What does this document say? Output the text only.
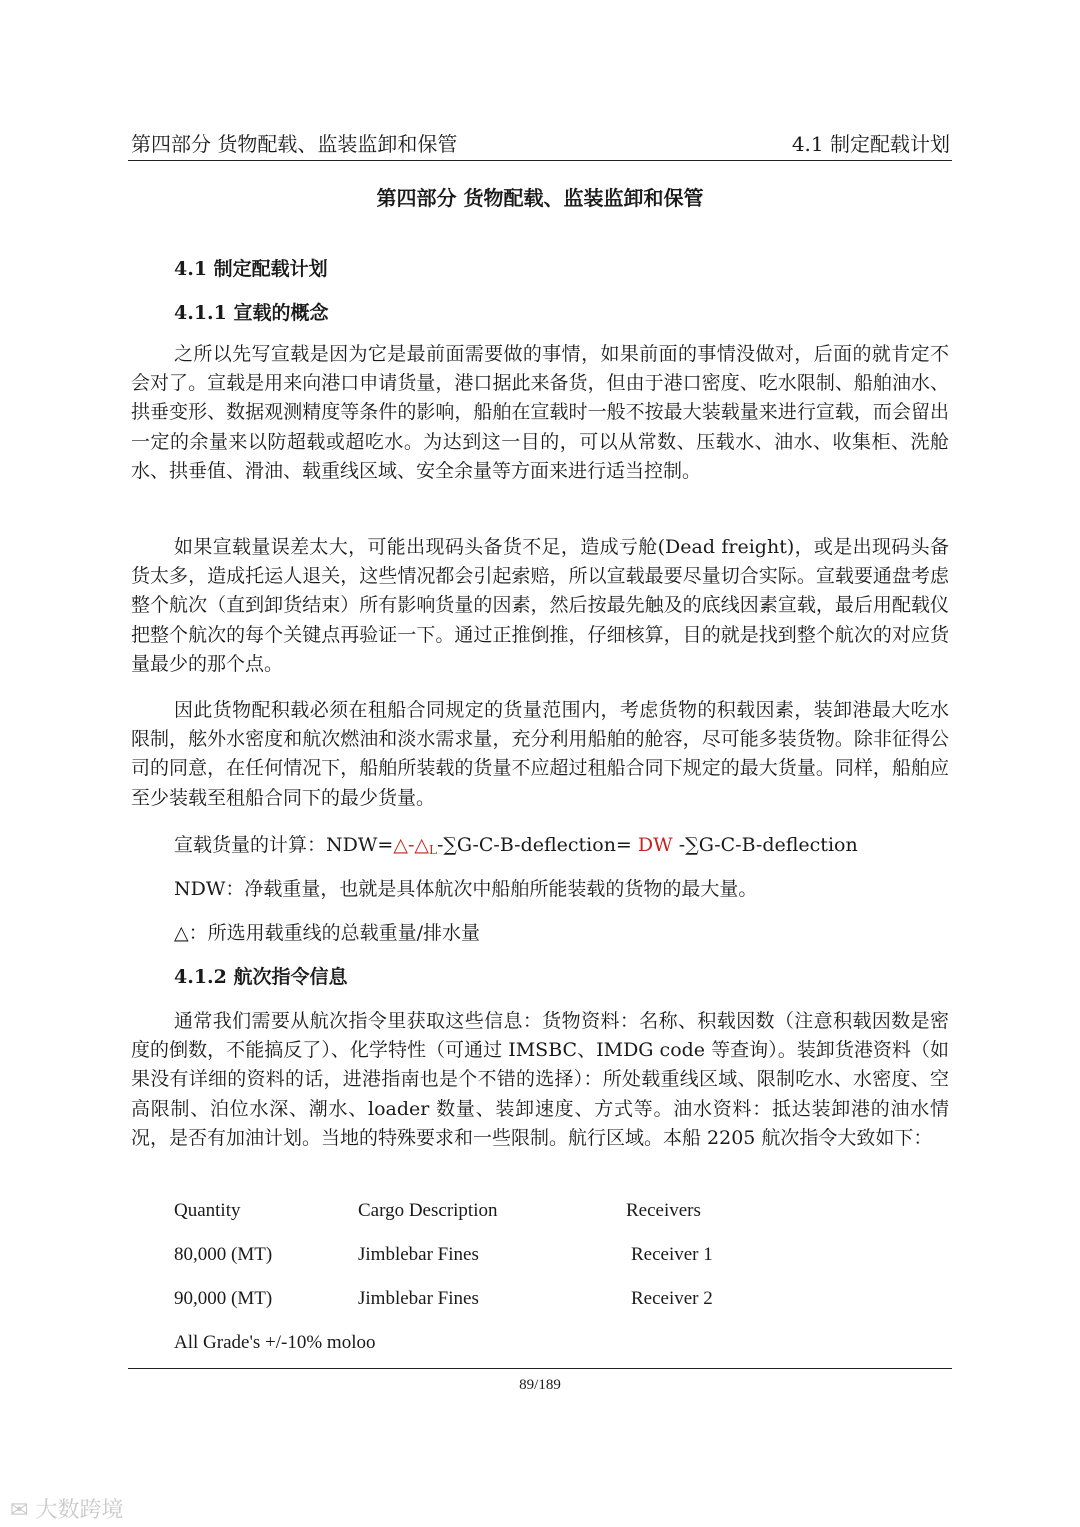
第四部分 货物配载、监装监卸和保管	4.1 制定配载计划
第四部分 货物配载、监装监卸和保管
4.1 制定配载计划
4.1.1 宣载的概念
之所以先写宣载是因为它是最前面需要做的事情，如果前面的事情没做对，后面的就肯定不会对了。宣载是用来向港口申请货量，港口据此来备货，但由于港口密度、吃水限制、船舶油水、拱垂变形、数据观测精度等条件的影响，船舶在宣载时一般不按最大装载量来进行宣载，而会留出一定的余量来以防超载或超吃水。为达到这一目的，可以从常数、压载水、油水、收集柜、洗舱水、拱垂值、滑油、载重线区域、安全余量等方面来进行适当控制。
如果宣载量误差太大，可能出现码头备货不足，造成亏舱(Dead freight)，或是出现码头备货太多，造成托运人退关，这些情况都会引起索赔，所以宣载最要尽量切合实际。宣载要通盘考虑整个航次（直到卸货结束）所有影响货量的因素，然后按最先触及的底线因素宣载，最后用配载仪把整个航次的每个关键点再验证一下。通过正推倒推，仔细核算，目的就是找到整个航次的对应货量最少的那个点。
因此货物配积载必须在租船合同规定的货量范围内，考虑货物的积载因素，装卸港最大吃水限制，舷外水密度和航次燃油和淡水需求量，充分利用船舶的舱容，尽可能多装货物。除非征得公司的同意，在任何情况下，船舶所装载的货量不应超过租船合同下规定的最大货量。同样，船舶应至少装载至租船合同下的最少货量。
宣载货量的计算：$NDW=\triangle-\triangle_L-\sum G-C-B-deflection=$ DW -∑G-C-B-deflection
NDW：净载重量，也就是具体航次中船舶所能装载的货物的最大量。
△：所选用载重线的总载重量/排水量
4.1.2 航次指令信息
通常我们需要从航次指令里获取这些信息：货物资料：名称、积载因数（注意积载因数是密度的倒数，不能搞反了）、化学特性（可通过 IMSBC、IMDG code 等查询）。装卸货港资料（如果没有详细的资料的话，进港指南也是个不错的选择）：所处载重线区域、限制吃水、水密度、空高限制、泊位水深、潮水、loader 数量、装卸速度、方式等。油水资料：抵达装卸港的油水情况，是否有加油计划。当地的特殊要求和一些限制。航行区域。本船 2205 航次指令大致如下：
Quantity	Cargo Description	Receivers
80,000 (MT)	Jimblebar Fines	Receiver 1
90,000 (MT)	Jimblebar Fines	Receiver 2
All Grade's +/-10% moloo
89/189
✉ 大数跨境
